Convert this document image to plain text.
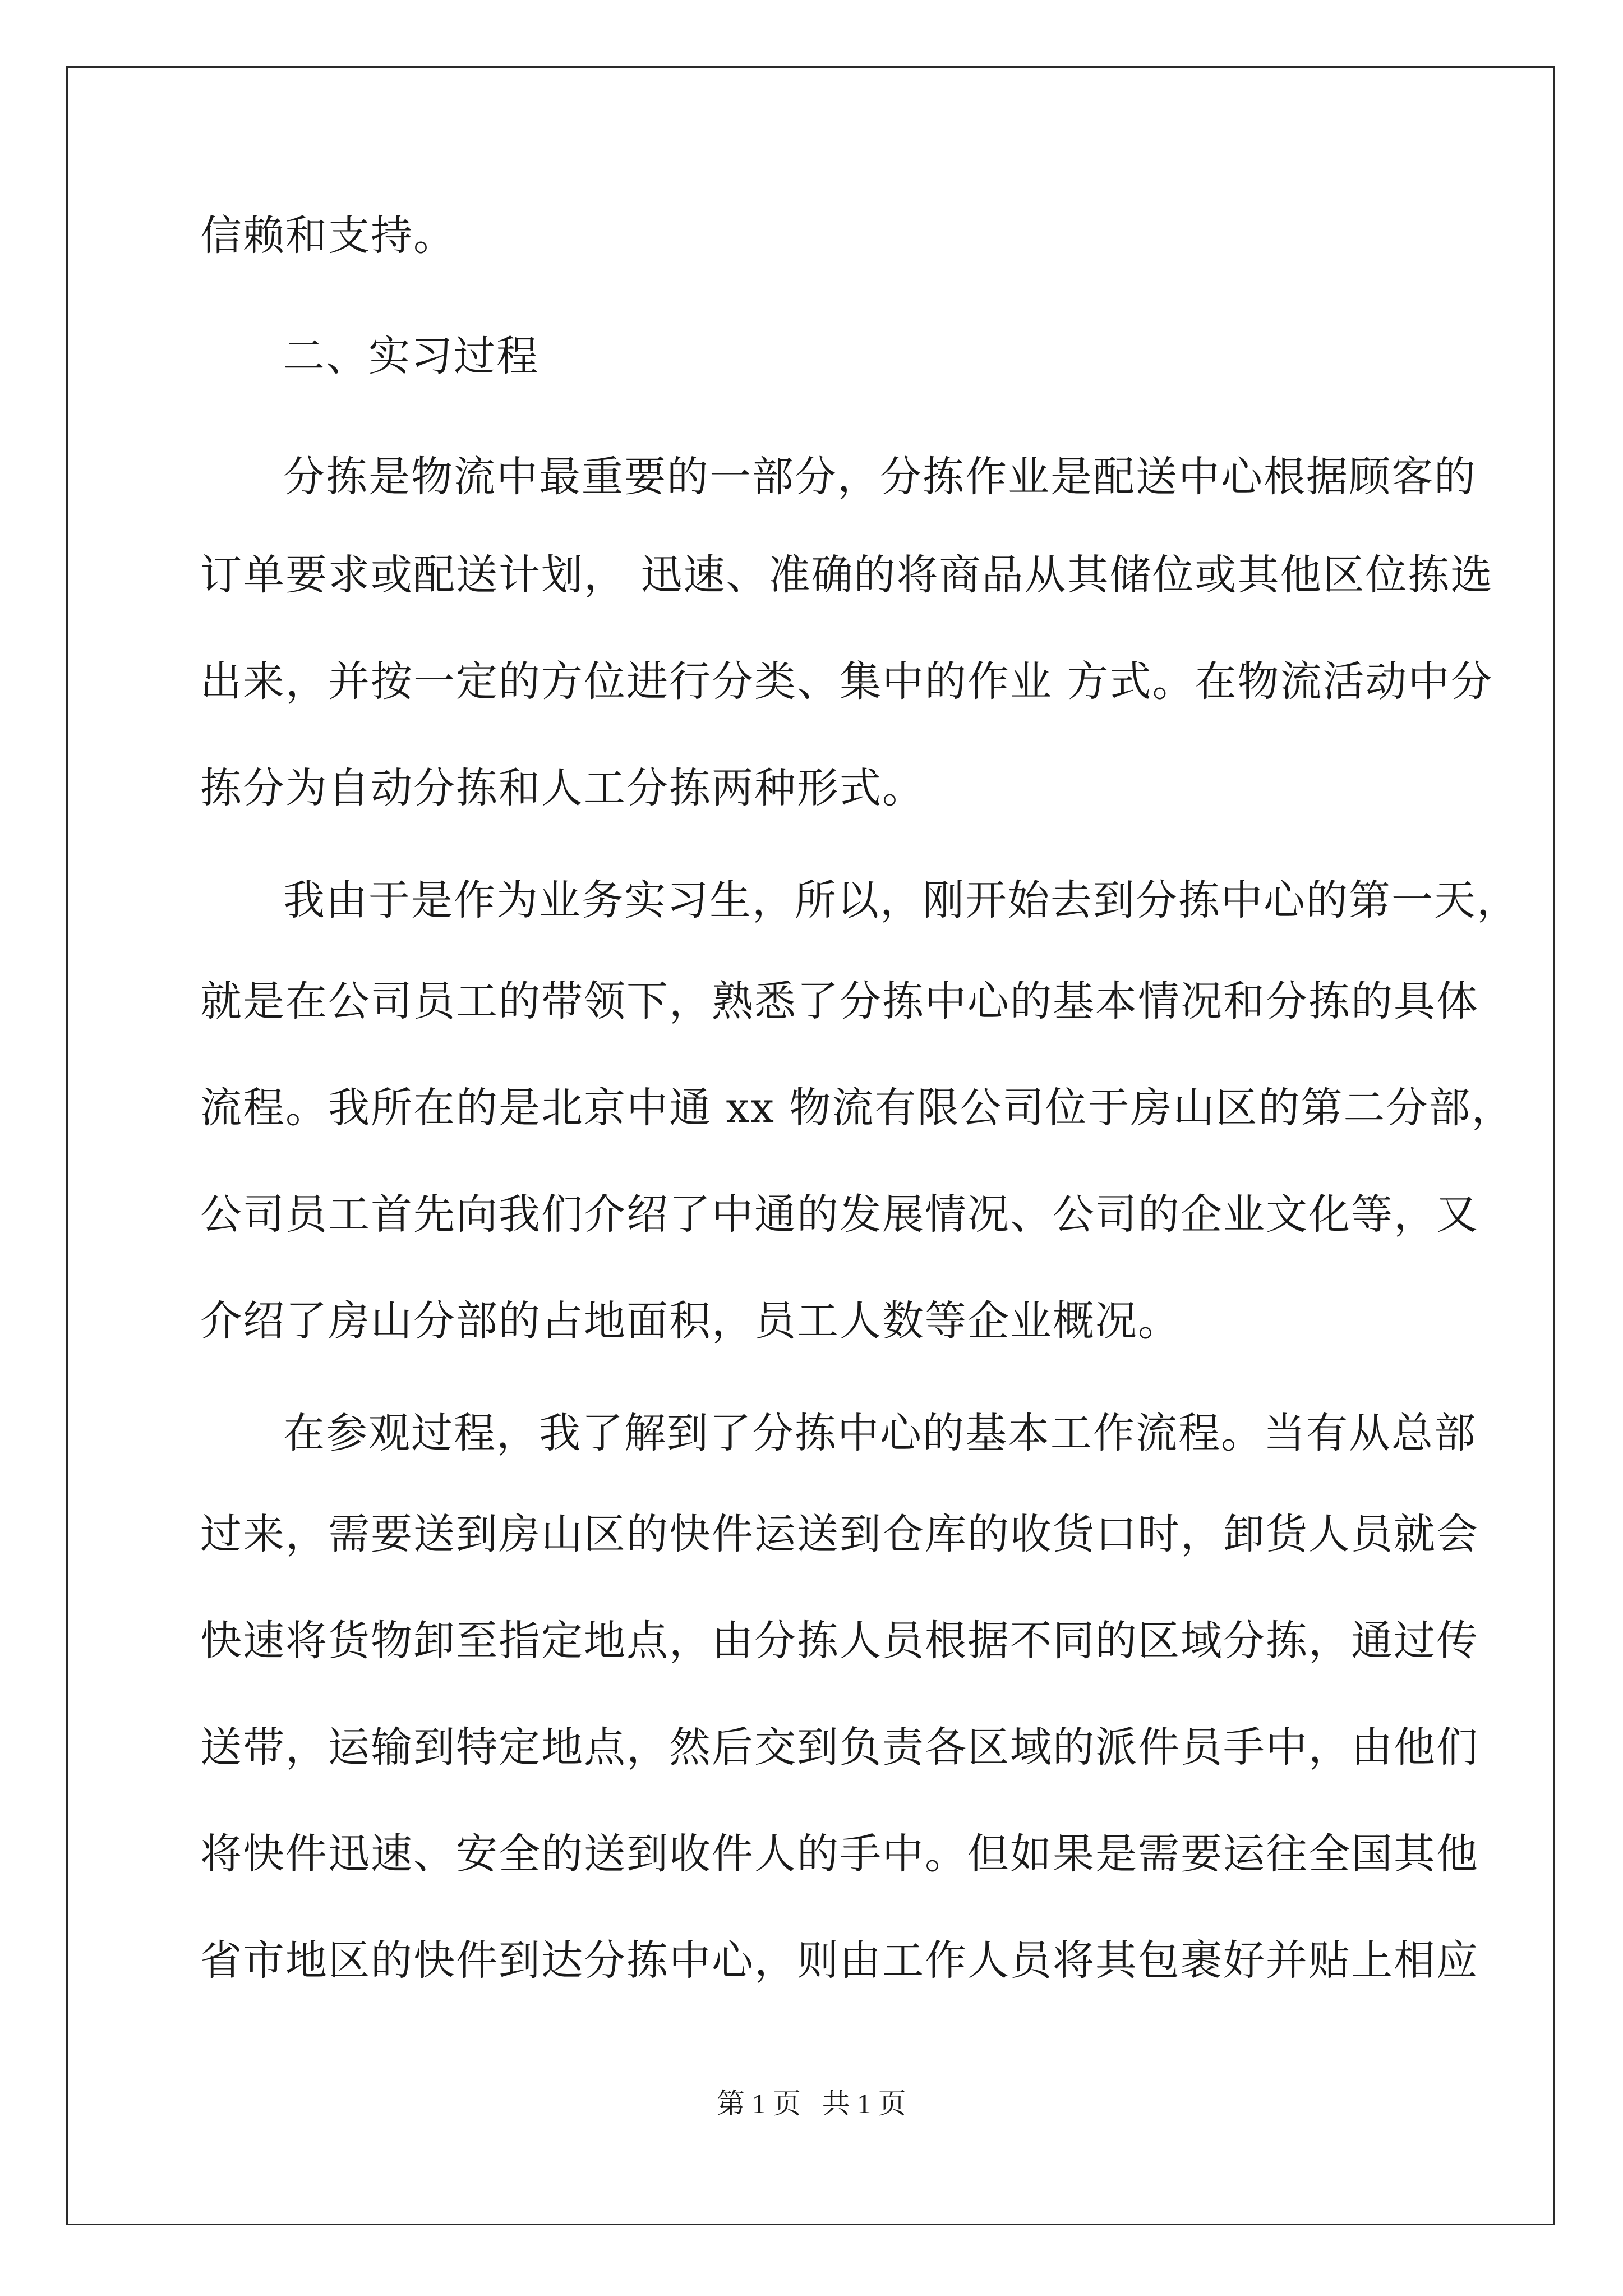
信赖和支持。
二、实习过程
分拣是物流中最重要的一部分，分拣作业是配送中心根据顾客的
订单要求或配送计划， 迅速、准确的将商品从其储位或其他区位拣选
出来，并按一定的方位进行分类、集中的作业 方式。在物流活动中分
拣分为自动分拣和人工分拣两种形式。
我由于是作为业务实习生，所以，刚开始去到分拣中心的第一天，
就是在公司员工的带领下，熟悉了分拣中心的基本情况和分拣的具体
流程。我所在的是北京中通 xx 物流有限公司位于房山区的第二分部，
公司员工首先向我们介绍了中通的发展情况、公司的企业文化等，又
介绍了房山分部的占地面积，员工人数等企业概况。
在参观过程，我了解到了分拣中心的基本工作流程。当有从总部
过来，需要送到房山区的快件运送到仓库的收货口时，卸货人员就会
快速将货物卸至指定地点，由分拣人员根据不同的区域分拣，通过传
送带，运输到特定地点，然后交到负责各区域的派件员手中，由他们
将快件迅速、安全的送到收件人的手中。但如果是需要运往全国其他
省市地区的快件到达分拣中心，则由工作人员将其包裹好并贴上相应
第 1 页   共 1 页
